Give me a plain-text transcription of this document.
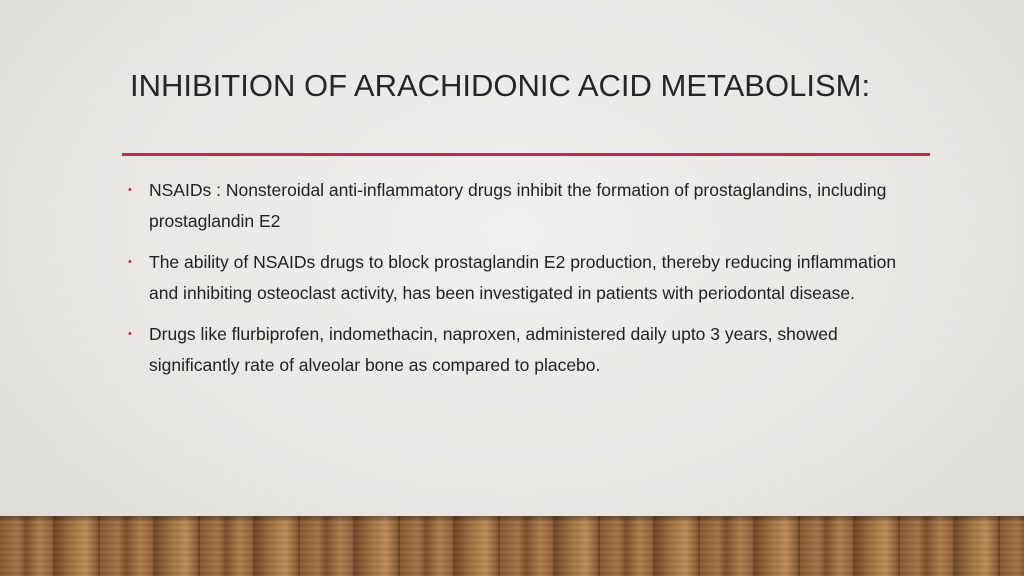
INHIBITION OF ARACHIDONIC ACID METABOLISM:
• NSAIDs : Nonsteroidal anti-inflammatory drugs inhibit the formation of prostaglandins, including prostaglandin E2
• The ability of NSAIDs drugs to block prostaglandin E2 production, thereby reducing inflammation and inhibiting osteoclast activity, has been investigated in patients with periodontal disease.
• Drugs like flurbiprofen, indomethacin, naproxen, administered daily upto 3 years, showed significantly rate of alveolar bone as compared to placebo.
